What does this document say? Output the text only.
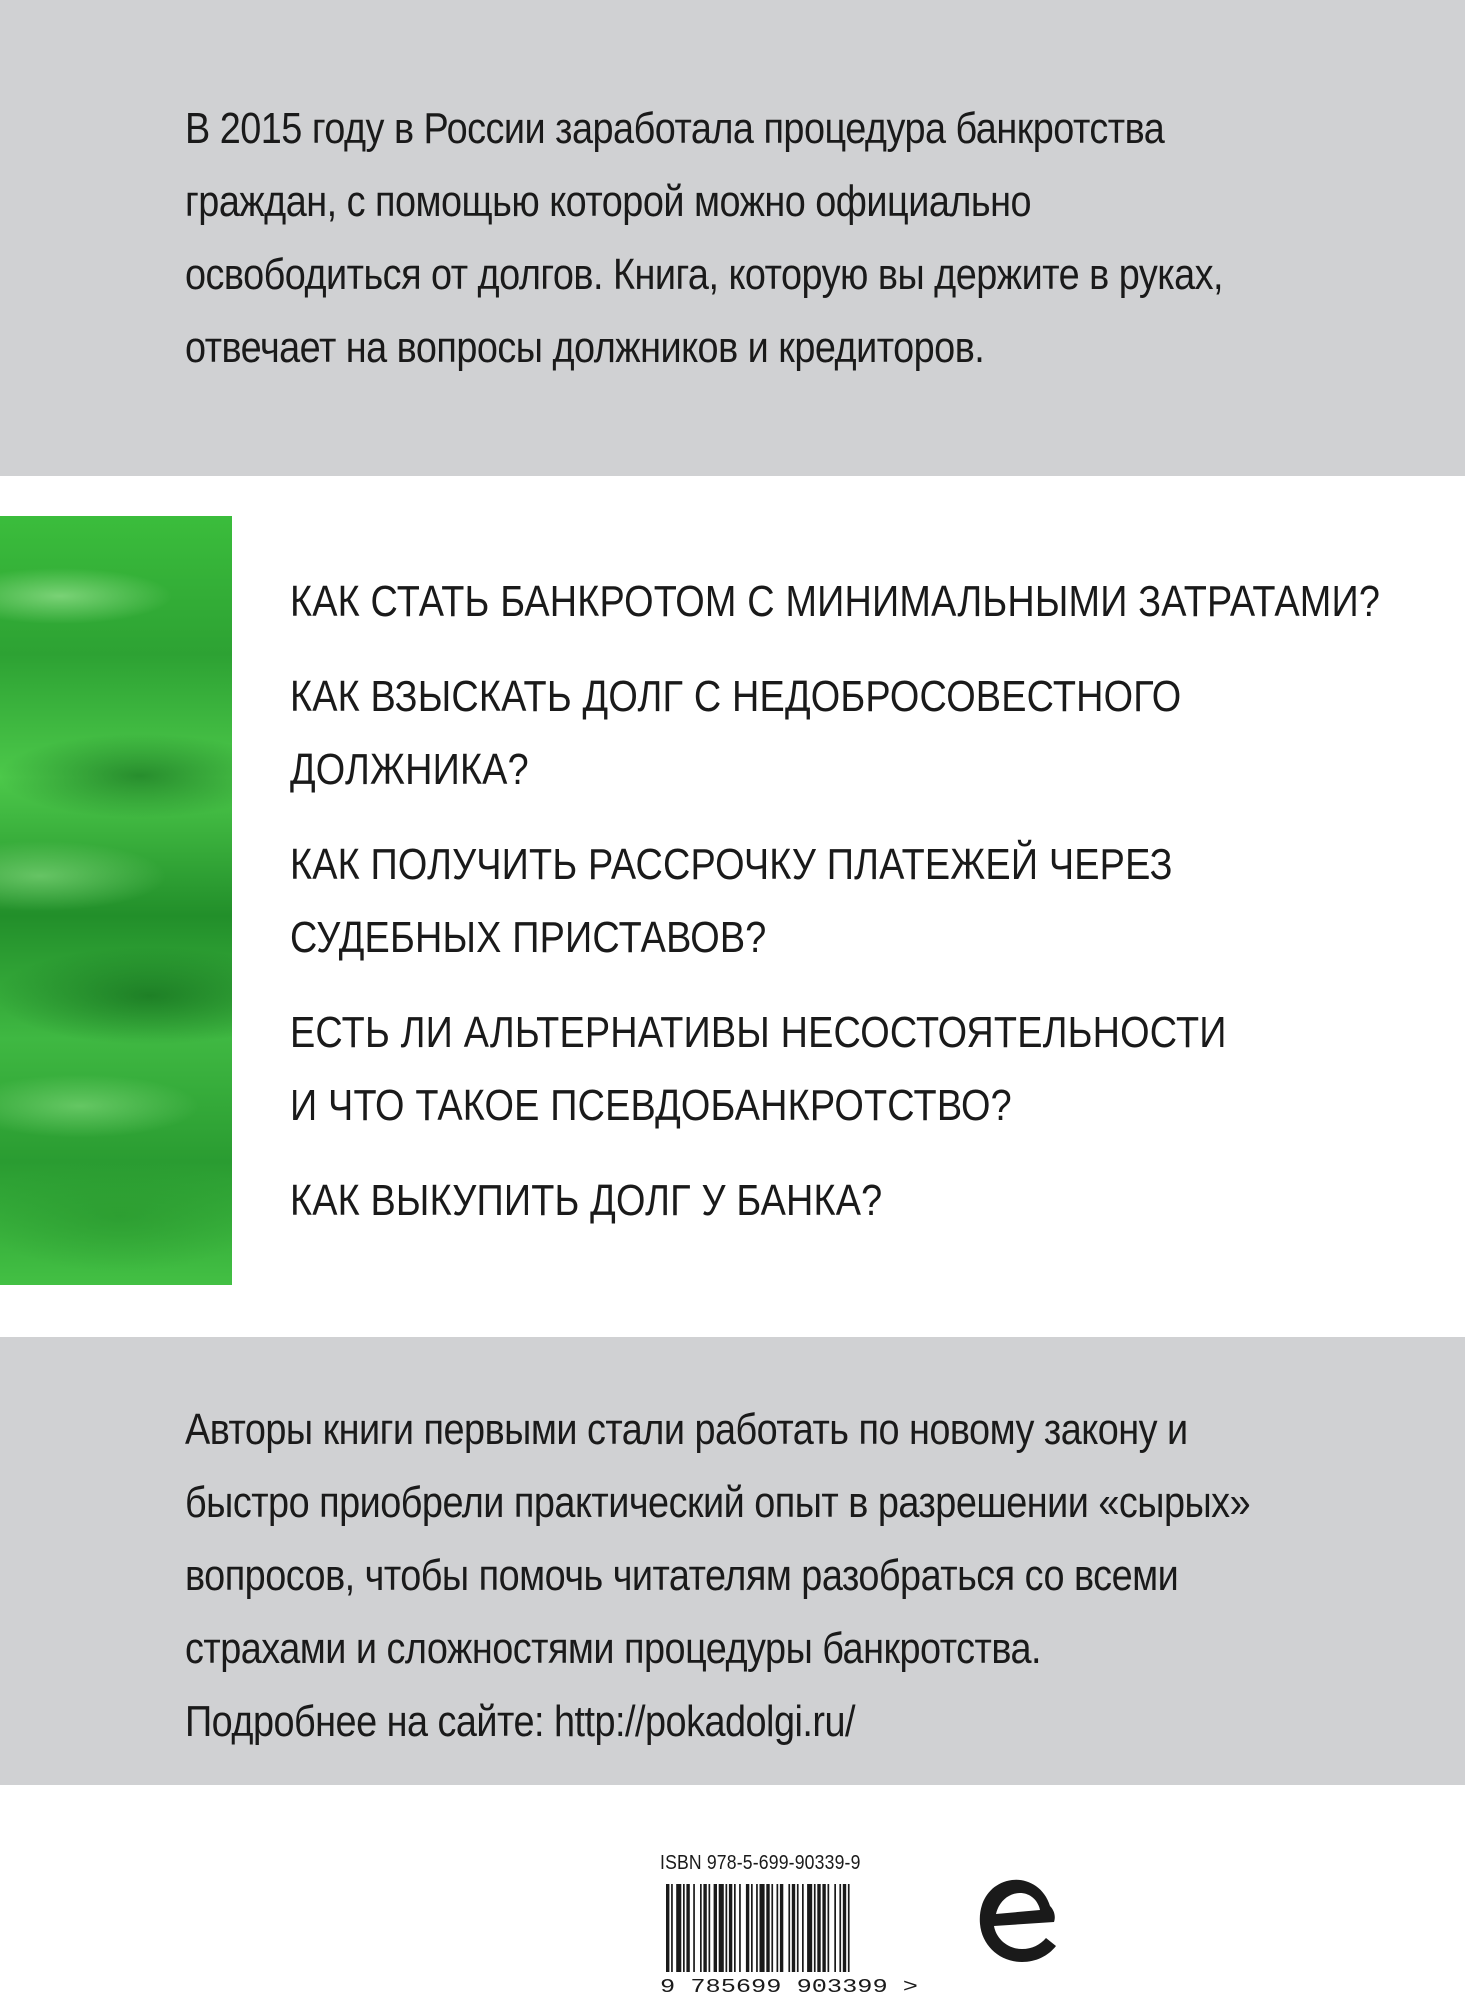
В 2015 году в России заработала процедура банкротства
граждан, с помощью которой можно официально
освободиться от долгов. Книга, которую вы держите в руках,
отвечает на вопросы должников и кредиторов.
КАК СТАТЬ БАНКРОТОМ С МИНИМАЛЬНЫМИ ЗАТРАТАМИ?
КАК ВЗЫСКАТЬ ДОЛГ С НЕДОБРОСОВЕСТНОГО
ДОЛЖНИКА?
КАК ПОЛУЧИТЬ РАССРОЧКУ ПЛАТЕЖЕЙ ЧЕРЕЗ
СУДЕБНЫХ ПРИСТАВОВ?
ЕСТЬ ЛИ АЛЬТЕРНАТИВЫ НЕСОСТОЯТЕЛЬНОСТИ
И ЧТО ТАКОЕ ПСЕВДОБАНКРОТСТВО?
КАК ВЫКУПИТЬ ДОЛГ У БАНКА?
Авторы книги первыми стали работать по новому закону и
быстро приобрели практический опыт в разрешении «сырых»
вопросов, чтобы помочь читателям разобраться со всеми
страхами и сложностями процедуры банкротства.
Подробнее на сайте: http://pokadolgi.ru/
ISBN 978-5-699-90339-9
9 785699 903399 >
